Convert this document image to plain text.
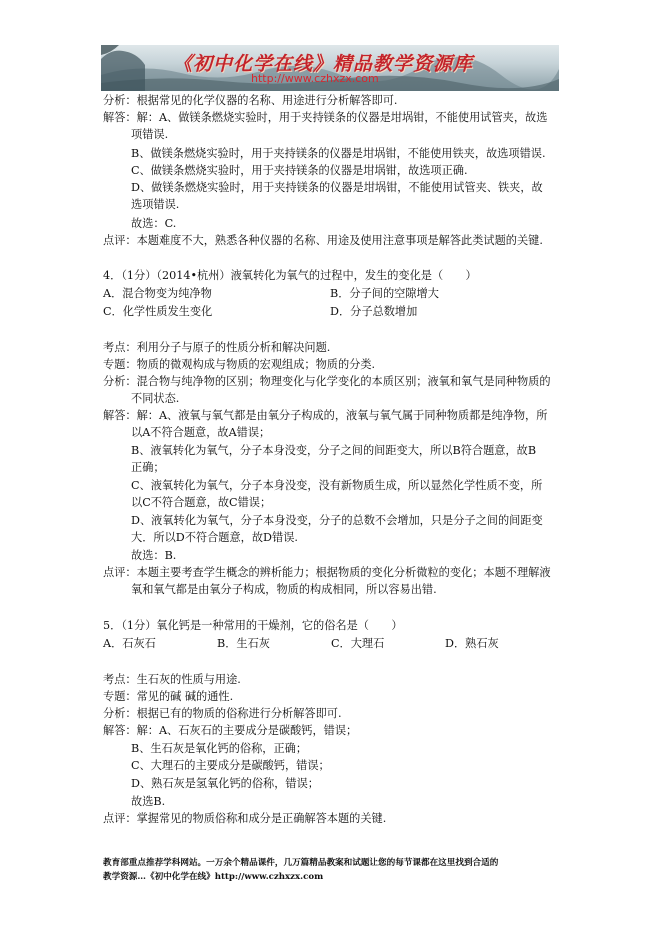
《初中化学在线》精品教学资源库
http://www.czhxzx.com
分析：根据常见的化学仪器的名称、用途进行分析解答即可.
解答：解：A、做镁条燃烧实验时，用于夹持镁条的仪器是坩埚钳，不能使用试管夹，故选
项错误.
B、做镁条燃烧实验时，用于夹持镁条的仪器是坩埚钳，不能使用铁夹，故选项错误.
C、做镁条燃烧实验时，用于夹持镁条的仪器是坩埚钳，故选项正确.
D、做镁条燃烧实验时，用于夹持镁条的仪器是坩埚钳，不能使用试管夹、铁夹，故
选项错误.
故选：C.
点评：本题难度不大，熟悉各种仪器的名称、用途及使用注意事项是解答此类试题的关键.
4．（1分）（2014•杭州）液氧转化为氧气的过程中，发生的变化是（　　）
A．混合物变为纯净物	B．分子间的空隙增大
C．化学性质发生变化	D．分子总数增加
考点：利用分子与原子的性质分析和解决问题.
专题：物质的微观构成与物质的宏观组成；物质的分类.
分析：混合物与纯净物的区别；物理变化与化学变化的本质区别；液氧和氧气是同种物质的
不同状态.
解答：解：A、液氧与氧气都是由氧分子构成的，液氧与氧气属于同种物质都是纯净物，所
以A不符合题意，故A错误；
B、液氧转化为氧气，分子本身没变，分子之间的间距变大，所以B符合题意，故B
正确；
C、液氧转化为氧气，分子本身没变，没有新物质生成，所以显然化学性质不变，所
以C不符合题意，故C错误；
D、液氧转化为氧气，分子本身没变，分子的总数不会增加，只是分子之间的间距变
大．所以D不符合题意，故D错误.
故选：B.
点评：本题主要考查学生概念的辨析能力；根据物质的变化分析微粒的变化；本题不理解液
氧和氧气都是由氧分子构成，物质的构成相同，所以容易出错.
5．（1分）氧化钙是一种常用的干燥剂，它的俗名是（　　）
A．石灰石	B．生石灰	C．大理石	D．熟石灰
考点：生石灰的性质与用途.
专题：常见的碱 碱的通性.
分析：根据已有的物质的俗称进行分析解答即可.
解答：解：A、石灰石的主要成分是碳酸钙，错误；
B、生石灰是氧化钙的俗称，正确；
C、大理石的主要成分是碳酸钙，错误；
D、熟石灰是氢氧化钙的俗称，错误；
故选B.
点评：掌握常见的物质俗称和成分是正确解答本题的关键.
教育部重点推荐学科网站。一万余个精品课件，几万篇精品教案和试题让您的每节课都在这里找到合适的
教学资源…《初中化学在线》http://www.czhxzx.com
